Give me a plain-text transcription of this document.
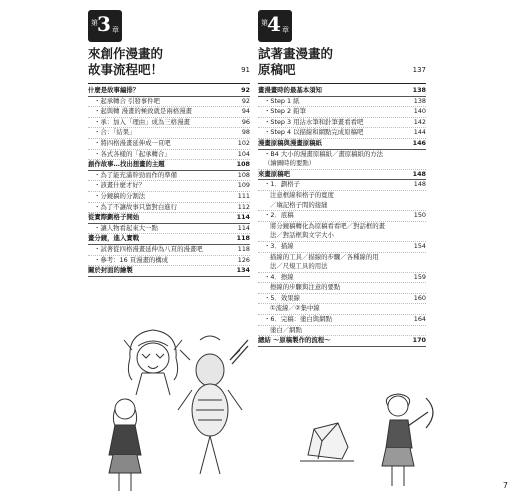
第 3 章
來創作漫畫的
故事流程吧！	91
什麼是故事編排？	92
・起承轉合 引發事件吧	92
・起與轉 漫畫的極致就是兩格漫畫	94
・承：加入「理由」成為三格漫畫	96
・合：「結果」	98
・將四格漫畫延伸成一頁吧	102
・各式各樣的「起承轉合」	104
創作故事…找出想畫的主題	108
・為了能充滿幹勁而作的準備	108
・該畫什麼才好？	109
・分鏡稿的分割法	111
・為了不讓故事只靠對白進行	112
從實際劃格子開始	114
・讓人物看起來大一點	114
畫分鏡，進入實戰	118
・試著從四格漫畫延伸為八頁的漫畫吧	118
・參考：16 頁漫畫的構成	126
關於封面的繪製	134
第 4 章
試著畫漫畫的
原稿吧	137
畫漫畫時的最基本須知	138
・Step 1 紙	138
・Step 2 鉛筆	140
・Step 3 用沾水筆和針筆畫看看吧	142
・Step 4 以描線和網點完成原稿吧	144
漫畫原稿與漫畫原稿紙	146
・B4 大小的漫畫原稿紙／畫原稿紙的方法
（繪圖時的要點）
來畫原稿吧	148
・1．劃格子	148
注意框線和格子的寬度
／塡記格子間的接縫
・2．底稿	150
將分鏡稿轉化為原稿看看吧／對話框的畫
法／對話框與文字大小
・3．描線	154
描線的工具／描線的步驟／各種線的用
法／尺規工具的用法
・4．擦線	159
擦線的步驟與注意的要點
・5．效果線	160
①流線／②集中線
・6．完稿：塗白與網點	164
塗白／網點
總結 ～原稿製作的流程～	170
7
